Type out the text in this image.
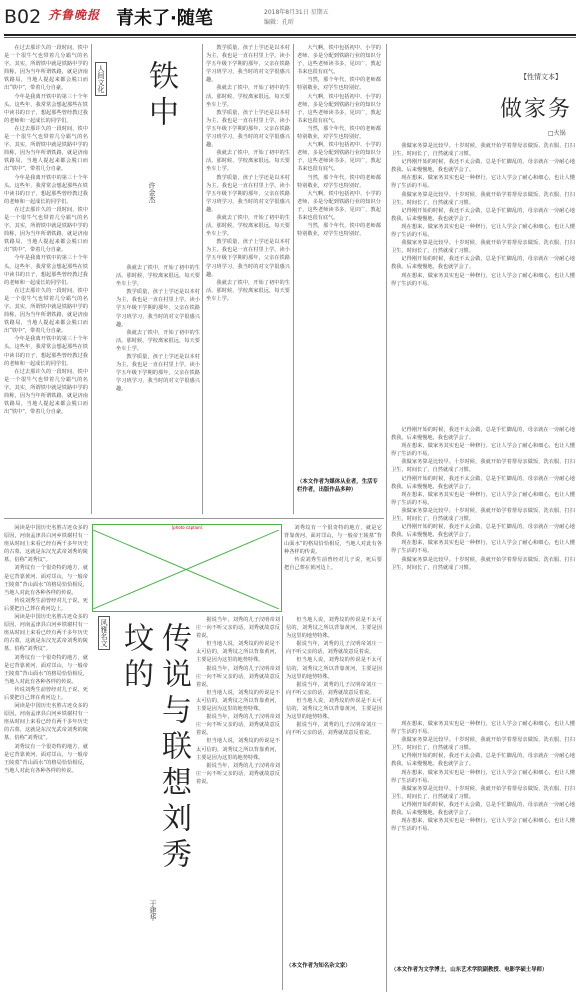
B02 齐鲁晚报 青未了·随笔	2018年8月31日 星期五
编辑：孔昕

在过去那许久的一段时间，铁中是一个很牛气也带着几分霸气的名字。其实，所谓铁中就是铁路中学的简称，因为当年所谓铁路，就是济南铁路局，当地人提起来都会脱口而出“铁中”，带着几分自豪。

今年是我离开铁中的第三十个年头。这些年，我常常会想起那些在铁中读书的日子，想起那些曾经教过我的老师和一起成长的同学们。

在过去那许久的一段时间，铁中是一个很牛气也带着几分霸气的名字。其实，所谓铁中就是铁路中学的简称，因为当年所谓铁路，就是济南铁路局，当地人提起来都会脱口而出“铁中”，带着几分自豪。

今年是我离开铁中的第三十个年头。这些年，我常常会想起那些在铁中读书的日子，想起那些曾经教过我的老师和一起成长的同学们。

在过去那许久的一段时间，铁中是一个很牛气也带着几分霸气的名字。其实，所谓铁中就是铁路中学的简称，因为当年所谓铁路，就是济南铁路局，当地人提起来都会脱口而出“铁中”，带着几分自豪。

今年是我离开铁中的第三十个年头。这些年，我常常会想起那些在铁中读书的日子，想起那些曾经教过我的老师和一起成长的同学们。

在过去那许久的一段时间，铁中是一个很牛气也带着几分霸气的名字。其实，所谓铁中就是铁路中学的简称，因为当年所谓铁路，就是济南铁路局，当地人提起来都会脱口而出“铁中”，带着几分自豪。

今年是我离开铁中的第三十个年头。这些年，我常常会想起那些在铁中读书的日子，想起那些曾经教过我的老师和一起成长的同学们。

在过去那许久的一段时间，铁中是一个很牛气也带着几分霸气的名字。其实，所谓铁中就是铁路中学的简称，因为当年所谓铁路，就是济南铁路局，当地人提起来都会脱口而出“铁中”，带着几分自豪。

人间文化 铁中
许金杰

我就去了铁中，开始了初中的生活。那时候，学校离家很远，每天要坐车上学。

教学质量，孩子上学还是以本村为主，我也是一直在村里上学。读小学五年级下学期的那年，父亲在铁路学习班学习，我当时的对文学很感兴趣。

我就去了铁中，开始了初中的生活。那时候，学校离家很远，每天要坐车上学。

教学质量，孩子上学还是以本村为主，我也是一直在村里上学。读小学五年级下学期的那年，父亲在铁路学习班学习，我当时的对文学很感兴趣。

教学质量，孩子上学还是以本村为主，我也是一直在村里上学。读小学五年级下学期的那年，父亲在铁路学习班学习，我当时的对文学很感兴趣。

我就去了铁中，开始了初中的生活。那时候，学校离家很远，每天要坐车上学。

教学质量，孩子上学还是以本村为主，我也是一直在村里上学。读小学五年级下学期的那年，父亲在铁路学习班学习，我当时的对文学很感兴趣。

我就去了铁中，开始了初中的生活。那时候，学校离家很远，每天要坐车上学。

教学质量，孩子上学还是以本村为主，我也是一直在村里上学。读小学五年级下学期的那年，父亲在铁路学习班学习，我当时的对文学很感兴趣。

我就去了铁中，开始了初中的生活。那时候，学校离家很远，每天要坐车上学。

教学质量，孩子上学还是以本村为主，我也是一直在村里上学。读小学五年级下学期的那年，父亲在铁路学习班学习，我当时的对文学很感兴趣。

我就去了铁中，开始了初中的生活。那时候，学校离家很远，每天要坐车上学。

大气啊，铁中包括初中、小学的老师，多是分配到铁路行业的知识分子，这些老师读书多，见识广，教起书来也很有底气。

当然，那个年代，铁中的老师都特别敬业，对学生也特别好。

大气啊，铁中包括初中、小学的老师，多是分配到铁路行业的知识分子，这些老师读书多，见识广，教起书来也很有底气。

当然，那个年代，铁中的老师都特别敬业，对学生也特别好。

大气啊，铁中包括初中、小学的老师，多是分配到铁路行业的知识分子，这些老师读书多，见识广，教起书来也很有底气。

当然，那个年代，铁中的老师都特别敬业，对学生也特别好。

大气啊，铁中包括初中、小学的老师，多是分配到铁路行业的知识分子，这些老师读书多，见识广，教起书来也很有底气。

当然，那个年代，铁中的老师都特别敬业，对学生也特别好。

（本文作者为媒体从业者，生活专栏作者，出版作品多种）
【性情文本】
做家务
□火锅

我做家务算是比较早。十岁时候，我就开始学着帮母亲做饭、洗衣服、打扫卫生，时间长了，自然就成了习惯。

记得刚开始的时候，我还不太会做，总是手忙脚乱的，母亲就在一旁耐心地教我。后来慢慢地，我也就学会了。

现在想来，做家务其实也是一种修行，它让人学会了耐心和细心，也让人懂得了生活的不易。

我做家务算是比较早。十岁时候，我就开始学着帮母亲做饭、洗衣服、打扫卫生，时间长了，自然就成了习惯。

记得刚开始的时候，我还不太会做，总是手忙脚乱的，母亲就在一旁耐心地教我。后来慢慢地，我也就学会了。

现在想来，做家务其实也是一种修行，它让人学会了耐心和细心，也让人懂得了生活的不易。

我做家务算是比较早。十岁时候，我就开始学着帮母亲做饭、洗衣服、打扫卫生，时间长了，自然就成了习惯。

记得刚开始的时候，我还不太会做，总是手忙脚乱的，母亲就在一旁耐心地教我。后来慢慢地，我也就学会了。

现在想来，做家务其实也是一种修行，它让人学会了耐心和细心，也让人懂得了生活的不易。

记得刚开始的时候，我还不太会做，总是手忙脚乱的，母亲就在一旁耐心地教我。后来慢慢地，我也就学会了。

现在想来，做家务其实也是一种修行，它让人学会了耐心和细心，也让人懂得了生活的不易。

我做家务算是比较早。十岁时候，我就开始学着帮母亲做饭、洗衣服、打扫卫生，时间长了，自然就成了习惯。

记得刚开始的时候，我还不太会做，总是手忙脚乱的，母亲就在一旁耐心地教我。后来慢慢地，我也就学会了。

现在想来，做家务其实也是一种修行，它让人学会了耐心和细心，也让人懂得了生活的不易。

我做家务算是比较早。十岁时候，我就开始学着帮母亲做饭、洗衣服、打扫卫生，时间长了，自然就成了习惯。

记得刚开始的时候，我还不太会做，总是手忙脚乱的，母亲就在一旁耐心地教我。后来慢慢地，我也就学会了。

现在想来，做家务其实也是一种修行，它让人学会了耐心和细心，也让人懂得了生活的不易。

我做家务算是比较早。十岁时候，我就开始学着帮母亲做饭、洗衣服、打扫卫生，时间长了，自然就成了习惯。

现在想来，做家务其实也是一种修行，它让人学会了耐心和细心，也让人懂得了生活的不易。

我做家务算是比较早。十岁时候，我就开始学着帮母亲做饭、洗衣服、打扫卫生，时间长了，自然就成了习惯。

记得刚开始的时候，我还不太会做，总是手忙脚乱的，母亲就在一旁耐心地教我。后来慢慢地，我也就学会了。

现在想来，做家务其实也是一种修行，它让人学会了耐心和细心，也让人懂得了生活的不易。

我做家务算是比较早。十岁时候，我就开始学着帮母亲做饭、洗衣服、打扫卫生，时间长了，自然就成了习惯。

记得刚开始的时候，我还不太会做，总是手忙脚乱的，母亲就在一旁耐心地教我。后来慢慢地，我也就学会了。

现在想来，做家务其实也是一种修行，它让人学会了耐心和细心，也让人懂得了生活的不易。

（本文作者为文学博士，山东艺术学院副教授、电影学硕士导师）

闲读是中国历史名胜古迹众多的原因，河南孟津县白河乡铁谢村有一座从时间上来看已经有两千多年历史的古墓，这就是东汉光武帝刘秀的陵墓，俗称“刘秀坟”。

刘秀坟有一个很奇特的地方，就是它背靠黄河、面对邙山，与一般帝王陵墓“背山面水”的格局恰恰相反，当地人对此有各种各样的传说。

传说刘秀生前曾经对儿子说，死后要把自己葬在黄河边上。

闲读是中国历史名胜古迹众多的原因，河南孟津县白河乡铁谢村有一座从时间上来看已经有两千多年历史的古墓，这就是东汉光武帝刘秀的陵墓，俗称“刘秀坟”。

刘秀坟有一个很奇特的地方，就是它背靠黄河、面对邙山，与一般帝王陵墓“背山面水”的格局恰恰相反，当地人对此有各种各样的传说。

传说刘秀生前曾经对儿子说，死后要把自己葬在黄河边上。

闲读是中国历史名胜古迹众多的原因，河南孟津县白河乡铁谢村有一座从时间上来看已经有两千多年历史的古墓，这就是东汉光武帝刘秀的陵墓，俗称“刘秀坟”。

刘秀坟有一个很奇特的地方，就是它背靠黄河、面对邙山，与一般帝王陵墓“背山面水”的格局恰恰相反，当地人对此有各种各样的传说。

[photo caption]	刘秀坟有一个很奇特的地方，就是它背靠黄河、面对邙山，与一般帝王陵墓“背山面水”的格局恰恰相反，当地人对此有各种各样的传说。

传说刘秀生前曾经对儿子说，死后要把自己葬在黄河边上。

风雅名文	传说与联想刘秀坟的
于建华

据说当年，刘秀的儿子汉明帝刘庄一向不听父亲的话，刘秀就故意反着说。

但当地人说，刘秀坟的传说是不太可信的，刘秀坟之所以背靠黄河，主要是因为这里的地势特殊。

据说当年，刘秀的儿子汉明帝刘庄一向不听父亲的话，刘秀就故意反着说。

但当地人说，刘秀坟的传说是不太可信的，刘秀坟之所以背靠黄河，主要是因为这里的地势特殊。

据说当年，刘秀的儿子汉明帝刘庄一向不听父亲的话，刘秀就故意反着说。

但当地人说，刘秀坟的传说是不太可信的，刘秀坟之所以背靠黄河，主要是因为这里的地势特殊。

据说当年，刘秀的儿子汉明帝刘庄一向不听父亲的话，刘秀就故意反着说。

但当地人说，刘秀坟的传说是不太可信的，刘秀坟之所以背靠黄河，主要是因为这里的地势特殊。

据说当年，刘秀的儿子汉明帝刘庄一向不听父亲的话，刘秀就故意反着说。

但当地人说，刘秀坟的传说是不太可信的，刘秀坟之所以背靠黄河，主要是因为这里的地势特殊。

据说当年，刘秀的儿子汉明帝刘庄一向不听父亲的话，刘秀就故意反着说。

但当地人说，刘秀坟的传说是不太可信的，刘秀坟之所以背靠黄河，主要是因为这里的地势特殊。

据说当年，刘秀的儿子汉明帝刘庄一向不听父亲的话，刘秀就故意反着说。

（本文作者为知名杂文家）
